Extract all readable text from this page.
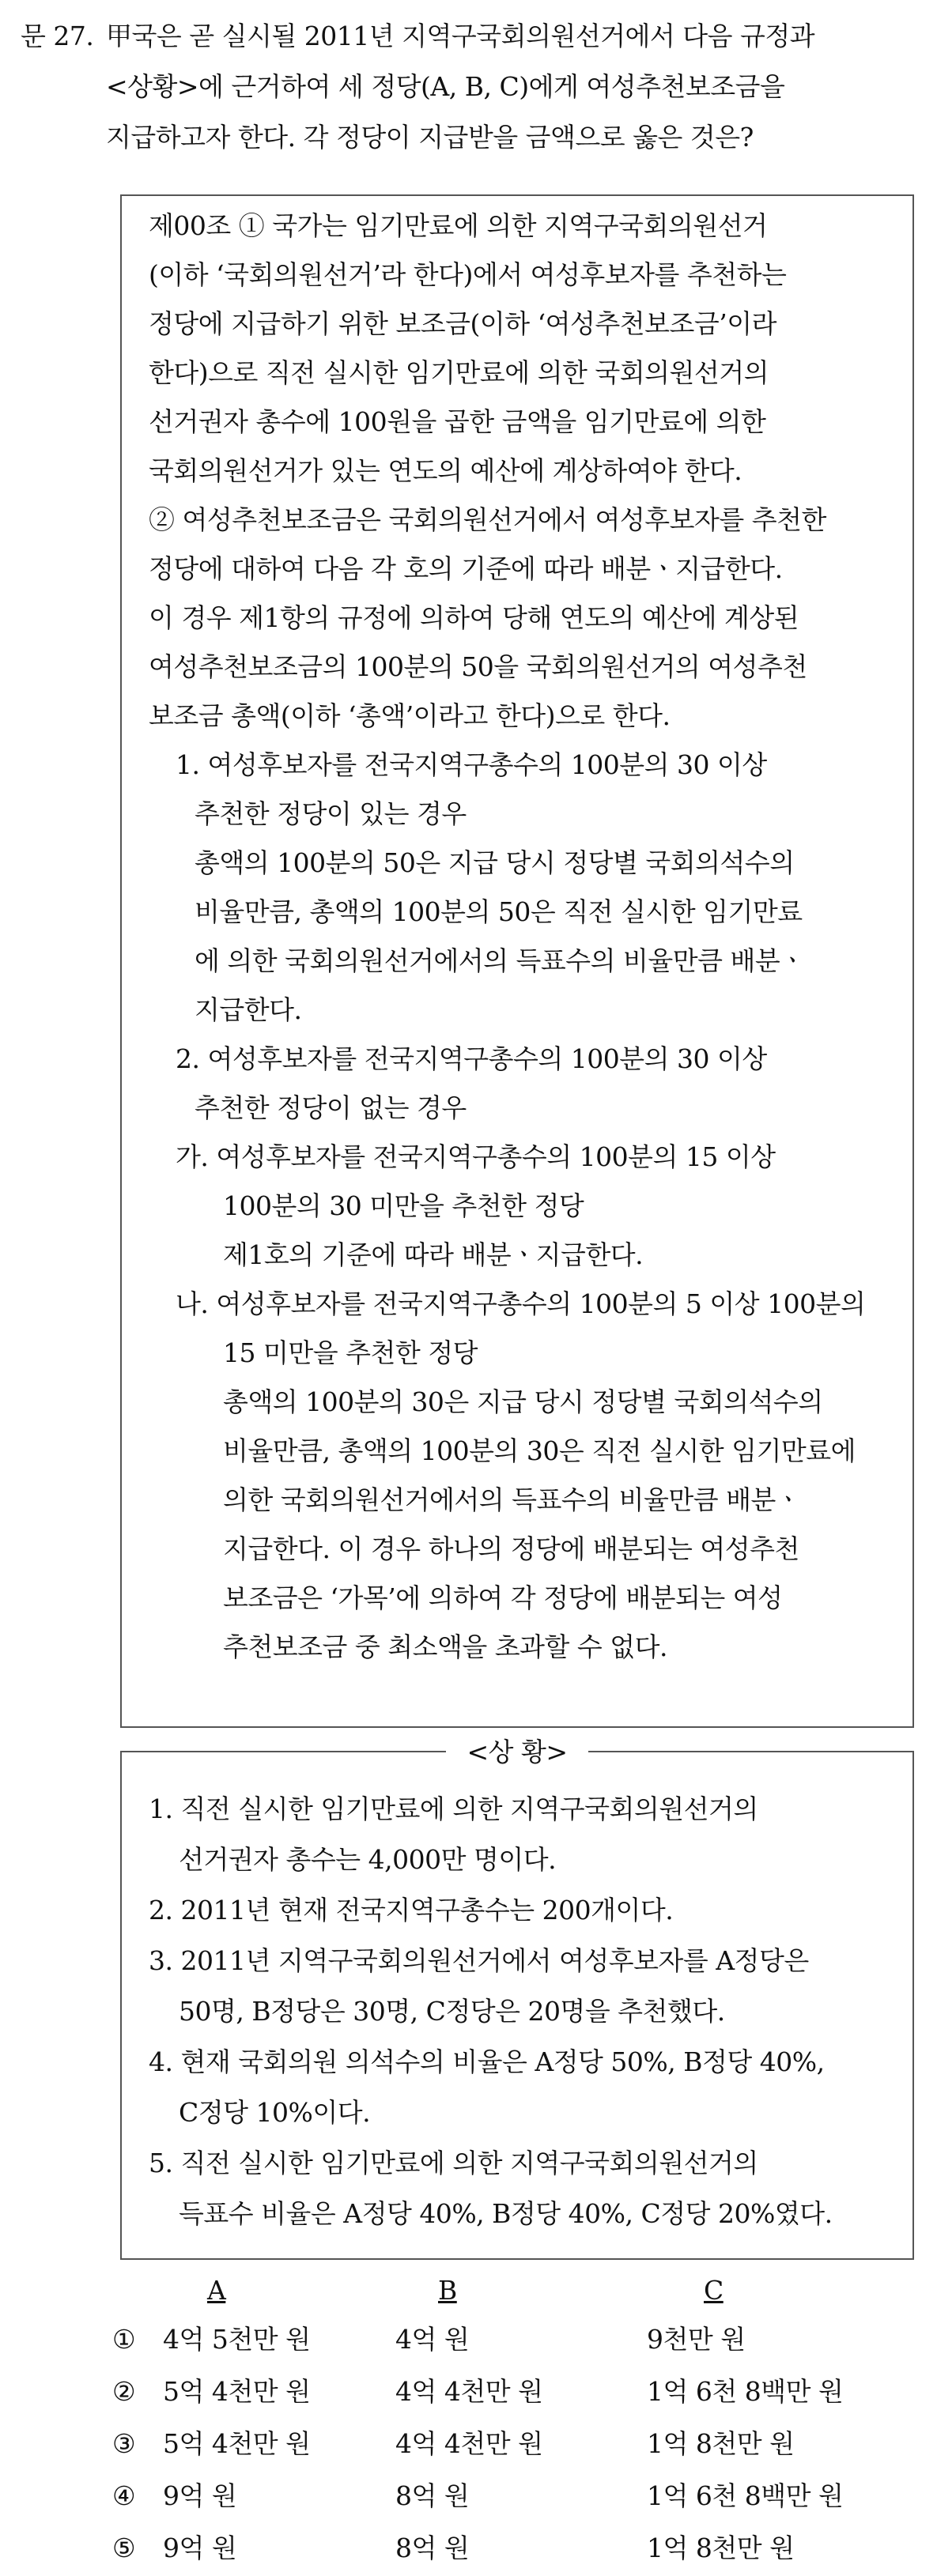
문 27. 甲국은 곧 실시될 2011년 지역구국회의원선거에서 다음 규정과
<상황>에 근거하여 세 정당(A, B, C)에게 여성추천보조금을
지급하고자 한다. 각 정당이 지급받을 금액으로 옳은 것은?
제00조 ① 국가는 임기만료에 의한 지역구국회의원선거
(이하 ‘국회의원선거’라 한다)에서 여성후보자를 추천하는
정당에 지급하기 위한 보조금(이하 ‘여성추천보조금’이라
한다)으로 직전 실시한 임기만료에 의한 국회의원선거의
선거권자 총수에 100원을 곱한 금액을 임기만료에 의한
국회의원선거가 있는 연도의 예산에 계상하여야 한다.
② 여성추천보조금은 국회의원선거에서 여성후보자를 추천한
정당에 대하여 다음 각 호의 기준에 따라 배분ㆍ지급한다.
이 경우 제1항의 규정에 의하여 당해 연도의 예산에 계상된
여성추천보조금의 100분의 50을 국회의원선거의 여성추천
보조금 총액(이하 ‘총액’이라고 한다)으로 한다.
1. 여성후보자를 전국지역구총수의 100분의 30 이상
추천한 정당이 있는 경우
총액의 100분의 50은 지급 당시 정당별 국회의석수의
비율만큼, 총액의 100분의 50은 직전 실시한 임기만료
에 의한 국회의원선거에서의 득표수의 비율만큼 배분ㆍ
지급한다.
2. 여성후보자를 전국지역구총수의 100분의 30 이상
추천한 정당이 없는 경우
가. 여성후보자를 전국지역구총수의 100분의 15 이상
100분의 30 미만을 추천한 정당
제1호의 기준에 따라 배분ㆍ지급한다.
나. 여성후보자를 전국지역구총수의 100분의 5 이상 100분의
15 미만을 추천한 정당
총액의 100분의 30은 지급 당시 정당별 국회의석수의
비율만큼, 총액의 100분의 30은 직전 실시한 임기만료에
의한 국회의원선거에서의 득표수의 비율만큼 배분ㆍ
지급한다. 이 경우 하나의 정당에 배분되는 여성추천
보조금은 ‘가목’에 의하여 각 정당에 배분되는 여성
추천보조금 중 최소액을 초과할 수 없다.
<상 황>
1. 직전 실시한 임기만료에 의한 지역구국회의원선거의
선거권자 총수는 4,000만 명이다.
2. 2011년 현재 전국지역구총수는 200개이다.
3. 2011년 지역구국회의원선거에서 여성후보자를 A정당은
50명, B정당은 30명, C정당은 20명을 추천했다.
4. 현재 국회의원 의석수의 비율은 A정당 50%, B정당 40%,
C정당 10%이다.
5. 직전 실시한 임기만료에 의한 지역구국회의원선거의
득표수 비율은 A정당 40%, B정당 40%, C정당 20%였다.
A	B	C
① 4억 5천만 원	4억 원	9천만 원
② 5억 4천만 원	4억 4천만 원	1억 6천 8백만 원
③ 5억 4천만 원	4억 4천만 원	1억 8천만 원
④ 9억 원	8억 원	1억 6천 8백만 원
⑤ 9억 원	8억 원	1억 8천만 원
